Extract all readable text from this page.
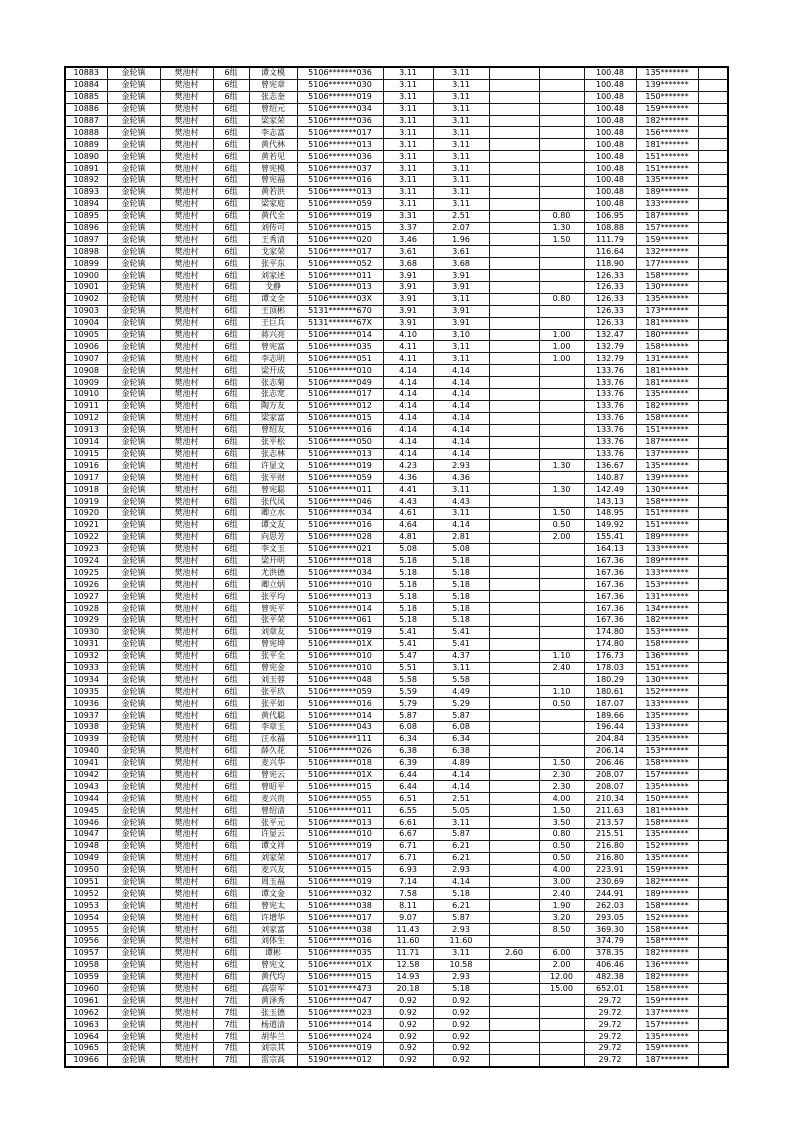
10883	金轮镇	樊池村	6组	谭文模	5106*******036	3.11	3.11			100.48	135*******	
10884	金轮镇	樊池村	6组	曾宪章	5106*******030	3.11	3.11			100.48	139*******	
10885	金轮镇	樊池村	6组	张志奎	5106*******019	3.11	3.11			100.48	150*******	
10886	金轮镇	樊池村	6组	曾绍元	5106*******034	3.11	3.11			100.48	159*******	
10887	金轮镇	樊池村	6组	梁家荣	5106*******036	3.11	3.11			100.48	182*******	
10888	金轮镇	樊池村	6组	李志富	5106*******017	3.11	3.11			100.48	156*******	
10889	金轮镇	樊池村	6组	黄代林	5106*******013	3.11	3.11			100.48	181*******	
10890	金轮镇	樊池村	6组	黄若见	5106*******036	3.11	3.11			100.48	151*******	
10891	金轮镇	樊池村	6组	曾宪模	5106*******037	3.11	3.11			100.48	151*******	
10892	金轮镇	樊池村	6组	曾宪福	5106*******016	3.11	3.11			100.48	135*******	
10893	金轮镇	樊池村	6组	黄若洪	5106*******013	3.11	3.11			100.48	189*******	
10894	金轮镇	樊池村	6组	梁家庭	5106*******059	3.11	3.11			100.48	133*******	
10895	金轮镇	樊池村	6组	黄代全	5106*******019	3.31	2.51		0.80	106.95	187*******	
10896	金轮镇	樊池村	6组	刘传可	5106*******015	3.37	2.07		1.30	108.88	157*******	
10897	金轮镇	樊池村	6组	王秀清	5106*******020	3.46	1.96		1.50	111.79	159*******	
10898	金轮镇	樊池村	6组	戈家荣	5106*******017	3.61	3.61			116.64	132*******	
10899	金轮镇	樊池村	6组	张平东	5106*******052	3.68	3.68			118.90	177*******	
10900	金轮镇	樊池村	6组	刘家述	5106*******011	3.91	3.91			126.33	158*******	
10901	金轮镇	樊池村	6组	戈静	5106*******013	3.91	3.91			126.33	130*******	
10902	金轮镇	樊池村	6组	谭文全	5106*******03X	3.91	3.11		0.80	126.33	135*******	
10903	金轮镇	樊池村	6组	王顶彬	5131*******670	3.91	3.91			126.33	173*******	
10904	金轮镇	樊池村	6组	王巨兵	5131*******67X	3.91	3.91			126.33	181*******	
10905	金轮镇	樊池村	6组	蒋兴亮	5106*******014	4.10	3.10		1.00	132.47	180*******	
10906	金轮镇	樊池村	6组	曾宪富	5106*******035	4.11	3.11		1.00	132.79	158*******	
10907	金轮镇	樊池村	6组	李志明	5106*******051	4.11	3.11		1.00	132.79	131*******	
10908	金轮镇	樊池村	6组	梁开成	5106*******010	4.14	4.14			133.76	181*******	
10909	金轮镇	樊池村	6组	张志菊	5106*******049	4.14	4.14			133.76	181*******	
10910	金轮镇	樊池村	6组	张志宽	5106*******017	4.14	4.14			133.76	135*******	
10911	金轮镇	樊池村	6组	陶万友	5106*******012	4.14	4.14			133.76	182*******	
10912	金轮镇	樊池村	6组	梁家富	5106*******015	4.14	4.14			133.76	158*******	
10913	金轮镇	樊池村	6组	曾绍友	5106*******016	4.14	4.14			133.76	151*******	
10914	金轮镇	樊池村	6组	张平松	5106*******050	4.14	4.14			133.76	187*******	
10915	金轮镇	樊池村	6组	张志林	5106*******013	4.14	4.14			133.76	137*******	
10916	金轮镇	樊池村	6组	许显文	5106*******019	4.23	2.93		1.30	136.67	135*******	
10917	金轮镇	樊池村	6组	张平财	5106*******059	4.36	4.36			140.87	139*******	
10918	金轮镇	樊池村	6组	曾宪聪	5106*******011	4.41	3.11		1.30	142.49	130*******	
10919	金轮镇	樊池村	6组	张代凤	5106*******046	4.43	4.43			143.13	158*******	
10920	金轮镇	樊池村	6组	卿立水	5106*******034	4.61	3.11		1.50	148.95	151*******	
10921	金轮镇	樊池村	6组	谭文友	5106*******016	4.64	4.14		0.50	149.92	151*******	
10922	金轮镇	樊池村	6组	向思芳	5106*******028	4.81	2.81		2.00	155.41	189*******	
10923	金轮镇	樊池村	6组	李文玉	5106*******021	5.08	5.08			164.13	133*******	
10924	金轮镇	樊池村	6组	梁开明	5106*******018	5.18	5.18			167.36	189*******	
10925	金轮镇	樊池村	6组	尤洪德	5106*******034	5.18	5.18			167.36	133*******	
10926	金轮镇	樊池村	6组	卿立炳	5106*******010	5.18	5.18			167.36	153*******	
10927	金轮镇	樊池村	6组	张平均	5106*******013	5.18	5.18			167.36	131*******	
10928	金轮镇	樊池村	6组	曾宪平	5106*******014	5.18	5.18			167.36	134*******	
10929	金轮镇	樊池村	6组	张平荣	5106*******061	5.18	5.18			167.36	182*******	
10930	金轮镇	樊池村	6组	刘章友	5106*******019	5.41	5.41			174.80	153*******	
10931	金轮镇	樊池村	6组	曾宪坤	5106*******01X	5.41	5.41			174.80	158*******	
10932	金轮镇	樊池村	6组	张平全	5106*******010	5.47	4.37		1.10	176.73	136*******	
10933	金轮镇	樊池村	6组	曾宪金	5106*******010	5.51	3.11		2.40	178.03	151*******	
10934	金轮镇	樊池村	6组	刘玉蓉	5106*******048	5.58	5.58			180.29	130*******	
10935	金轮镇	樊池村	6组	张平玖	5106*******059	5.59	4.49		1.10	180.61	152*******	
10936	金轮镇	樊池村	6组	张平如	5106*******016	5.79	5.29		0.50	187.07	133*******	
10937	金轮镇	樊池村	6组	黄代聪	5106*******014	5.87	5.87			189.66	135*******	
10938	金轮镇	樊池村	6组	李章玉	5106*******043	6.08	6.08			196.44	133*******	
10939	金轮镇	樊池村	6组	汪永福	5106*******111	6.34	6.34			204.84	135*******	
10940	金轮镇	樊池村	6组	薛久花	5106*******026	6.38	6.38			206.14	153*******	
10941	金轮镇	樊池村	6组	麦兴华	5106*******018	6.39	4.89		1.50	206.46	158*******	
10942	金轮镇	樊池村	6组	曾宪云	5106*******01X	6.44	4.14		2.30	208.07	157*******	
10943	金轮镇	樊池村	6组	曾昭平	5106*******015	6.44	4.14		2.30	208.07	135*******	
10944	金轮镇	樊池村	6组	麦兴贵	5106*******055	6.51	2.51		4.00	210.34	150*******	
10945	金轮镇	樊池村	6组	曾绍清	5106*******011	6.55	5.05		1.50	211.63	181*******	
10946	金轮镇	樊池村	6组	张平元	5106*******013	6.61	3.11		3.50	213.57	158*******	
10947	金轮镇	樊池村	6组	许显云	5106*******010	6.67	5.87		0.80	215.51	135*******	
10948	金轮镇	樊池村	6组	谭文祥	5106*******019	6.71	6.21		0.50	216.80	152*******	
10949	金轮镇	樊池村	6组	刘家荣	5106*******017	6.71	6.21		0.50	216.80	135*******	
10950	金轮镇	樊池村	6组	麦兴友	5106*******015	6.93	2.93		4.00	223.91	159*******	
10951	金轮镇	樊池村	6组	周玉福	5106*******019	7.14	4.14		3.00	230.69	182*******	
10952	金轮镇	樊池村	6组	谭文金	5106*******032	7.58	5.18		2.40	244.91	189*******	
10953	金轮镇	樊池村	6组	曾宪太	5106*******038	8.11	6.21		1.90	262.03	158*******	
10954	金轮镇	樊池村	6组	许增华	5106*******017	9.07	5.87		3.20	293.05	152*******	
10955	金轮镇	樊池村	6组	刘家富	5106*******038	11.43	2.93		8.50	369.30	158*******	
10956	金轮镇	樊池村	6组	刘体生	5106*******016	11.60	11.60			374.79	158*******	
10957	金轮镇	樊池村	6组	谭彬	5106*******035	11.71	3.11	2.60	6.00	378.35	182*******	
10958	金轮镇	樊池村	6组	曾宪文	5106*******01X	12.58	10.58		2.00	406.46	136*******	
10959	金轮镇	樊池村	6组	黄代均	5106*******015	14.93	2.93		12.00	482.38	182*******	
10960	金轮镇	樊池村	6组	高崇军	5101*******473	20.18	5.18		15.00	652.01	158*******	
10961	金轮镇	樊池村	7组	黄泽秀	5106*******047	0.92	0.92			29.72	159*******	
10962	金轮镇	樊池村	7组	张玉德	5106*******023	0.92	0.92			29.72	137*******	
10963	金轮镇	樊池村	7组	杨道清	5106*******014	0.92	0.92			29.72	157*******	
10964	金轮镇	樊池村	7组	胡华兰	5106*******024	0.92	0.92			29.72	135*******	
10965	金轮镇	樊池村	7组	刘宗其	5106*******019	0.92	0.92			29.72	159*******	
10966	金轮镇	樊池村	7组	雷宗高	5190*******012	0.92	0.92			29.72	187*******	
